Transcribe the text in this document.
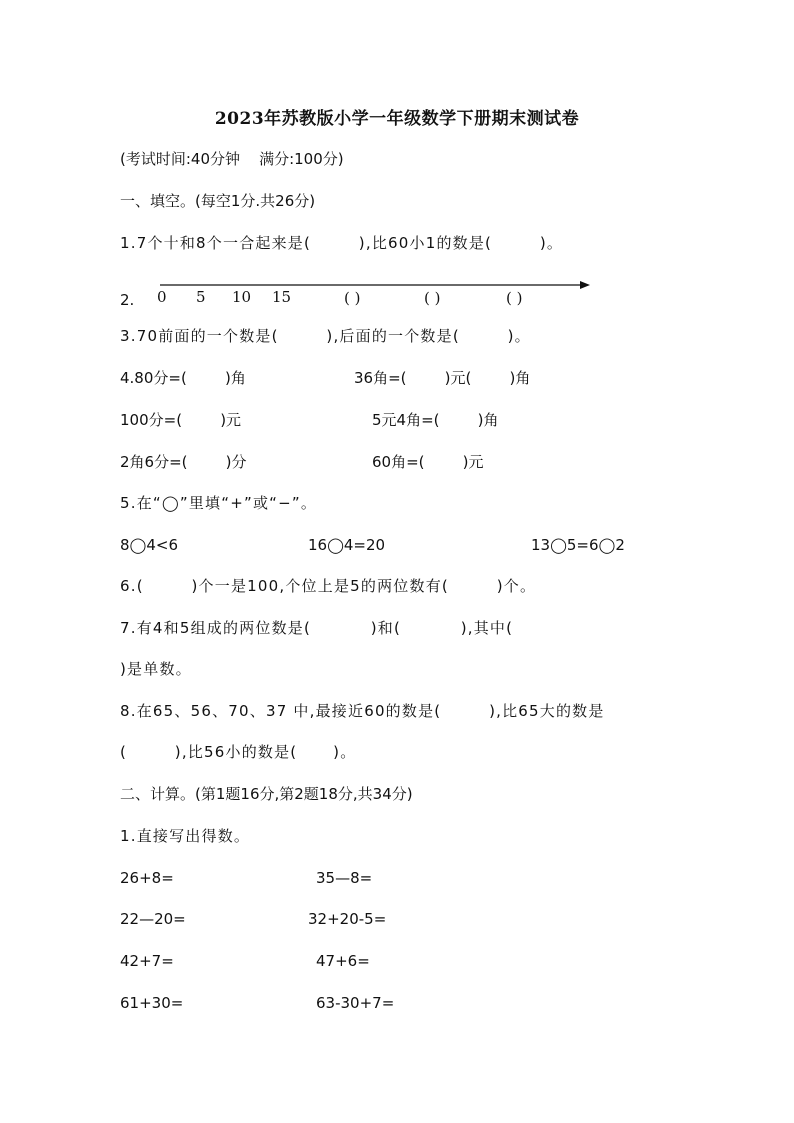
2023年苏教版小学一年级数学下册期末测试卷
(考试时间:40分钟    满分:100分)
一、填空。(每空1分.共26分)
1.7个十和8个一合起来是(        ),比60小1的数是(        )。
2. 0 5 10 15	( )	( )	( )
3.70前面的一个数是(        ),后面的一个数是(        )。
4.80分=(        )角	36角=(        )元(        )角
100分=(        )元	5元4角=(        )角
2角6分=(        )分	60角=(        )元
5.在“◯”里填“+”或“−”。
8◯4<6	16◯4=20	13◯5=6◯2
6.(        )个一是100,个位上是5的两位数有(        )个。
7.有4和5组成的两位数是(          )和(          ),其中(
)是单数。
8.在65、56、70、37 中,最接近60的数是(        ),比65大的数是
(        ),比56小的数是(      )。
二、计算。(第1题16分,第2题18分,共34分)
1.直接写出得数。
26+8=	35—8=
22—20=	32+20-5=
42+7=	47+6=
61+30=	63-30+7=
